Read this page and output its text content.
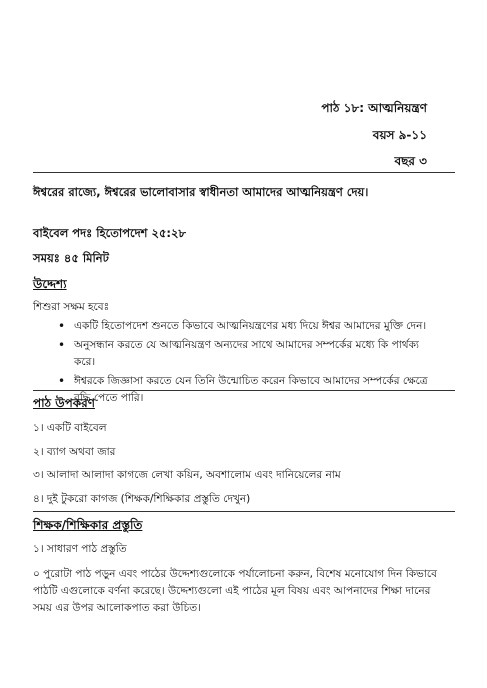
পাঠ ১৮: আত্মনিয়ন্ত্রণ
বয়স ৯-১১
বছর ৩
ঈশ্বরের রাজ্যে, ঈশ্বরের ভালোবাসার স্বাধীনতা আমাদের আত্মনিয়ন্ত্রণ দেয়।
বাইবেল পদঃ হিতোপদেশ ২৫:২৮
সময়ঃ ৪৫ মিনিট
উদ্দেশ্য
শিশুরা সক্ষম হবেঃ
• একটি হিতোপদেশ শুনতে কিভাবে আত্মনিয়ন্ত্রণের মধ্য দিয়ে ঈশ্বর আমাদের মুক্তি দেন।
• অনুসন্ধান করতে যে আত্মনিয়ন্ত্রণ অন্যদের সাথে আমাদের সম্পর্কের মধ্যে কি পার্থক্য করে।
• ঈশ্বরকে জিজ্ঞাসা করতে যেন তিনি উন্মোচিত করেন কিভাবে আমাদের সম্পর্কের ক্ষেত্রে বৃদ্ধি পেতে পারি।
পাঠ উপকরণ
১। একটি বাইবেল
২। ব্যাগ অথবা জার
৩। আলাদা আলাদা কাগজে লেখা কয়িন, অবশালোম এবং দানিয়েলের নাম
৪। দুই টুকরো কাগজ (শিক্ষক/শিক্ষিকার প্রস্তুতি দেখুন)
শিক্ষক/শিক্ষিকার প্রস্তুতি
১। সাধারণ পাঠ প্রস্তুতি
০ পুরোটা পাঠ পড়ুন এবং পাঠের উদ্দেশ্যগুলোকে পর্যালোচনা করুন, বিশেষ মনোযোগ দিন কিভাবে পাঠটি এগুলোকে বর্ণনা করেছে। উদ্দেশ্যগুলো এই পাঠের মূল বিষয় এবং আপনাদের শিক্ষা দানের সময় এর উপর আলোকপাত করা উচিত।
